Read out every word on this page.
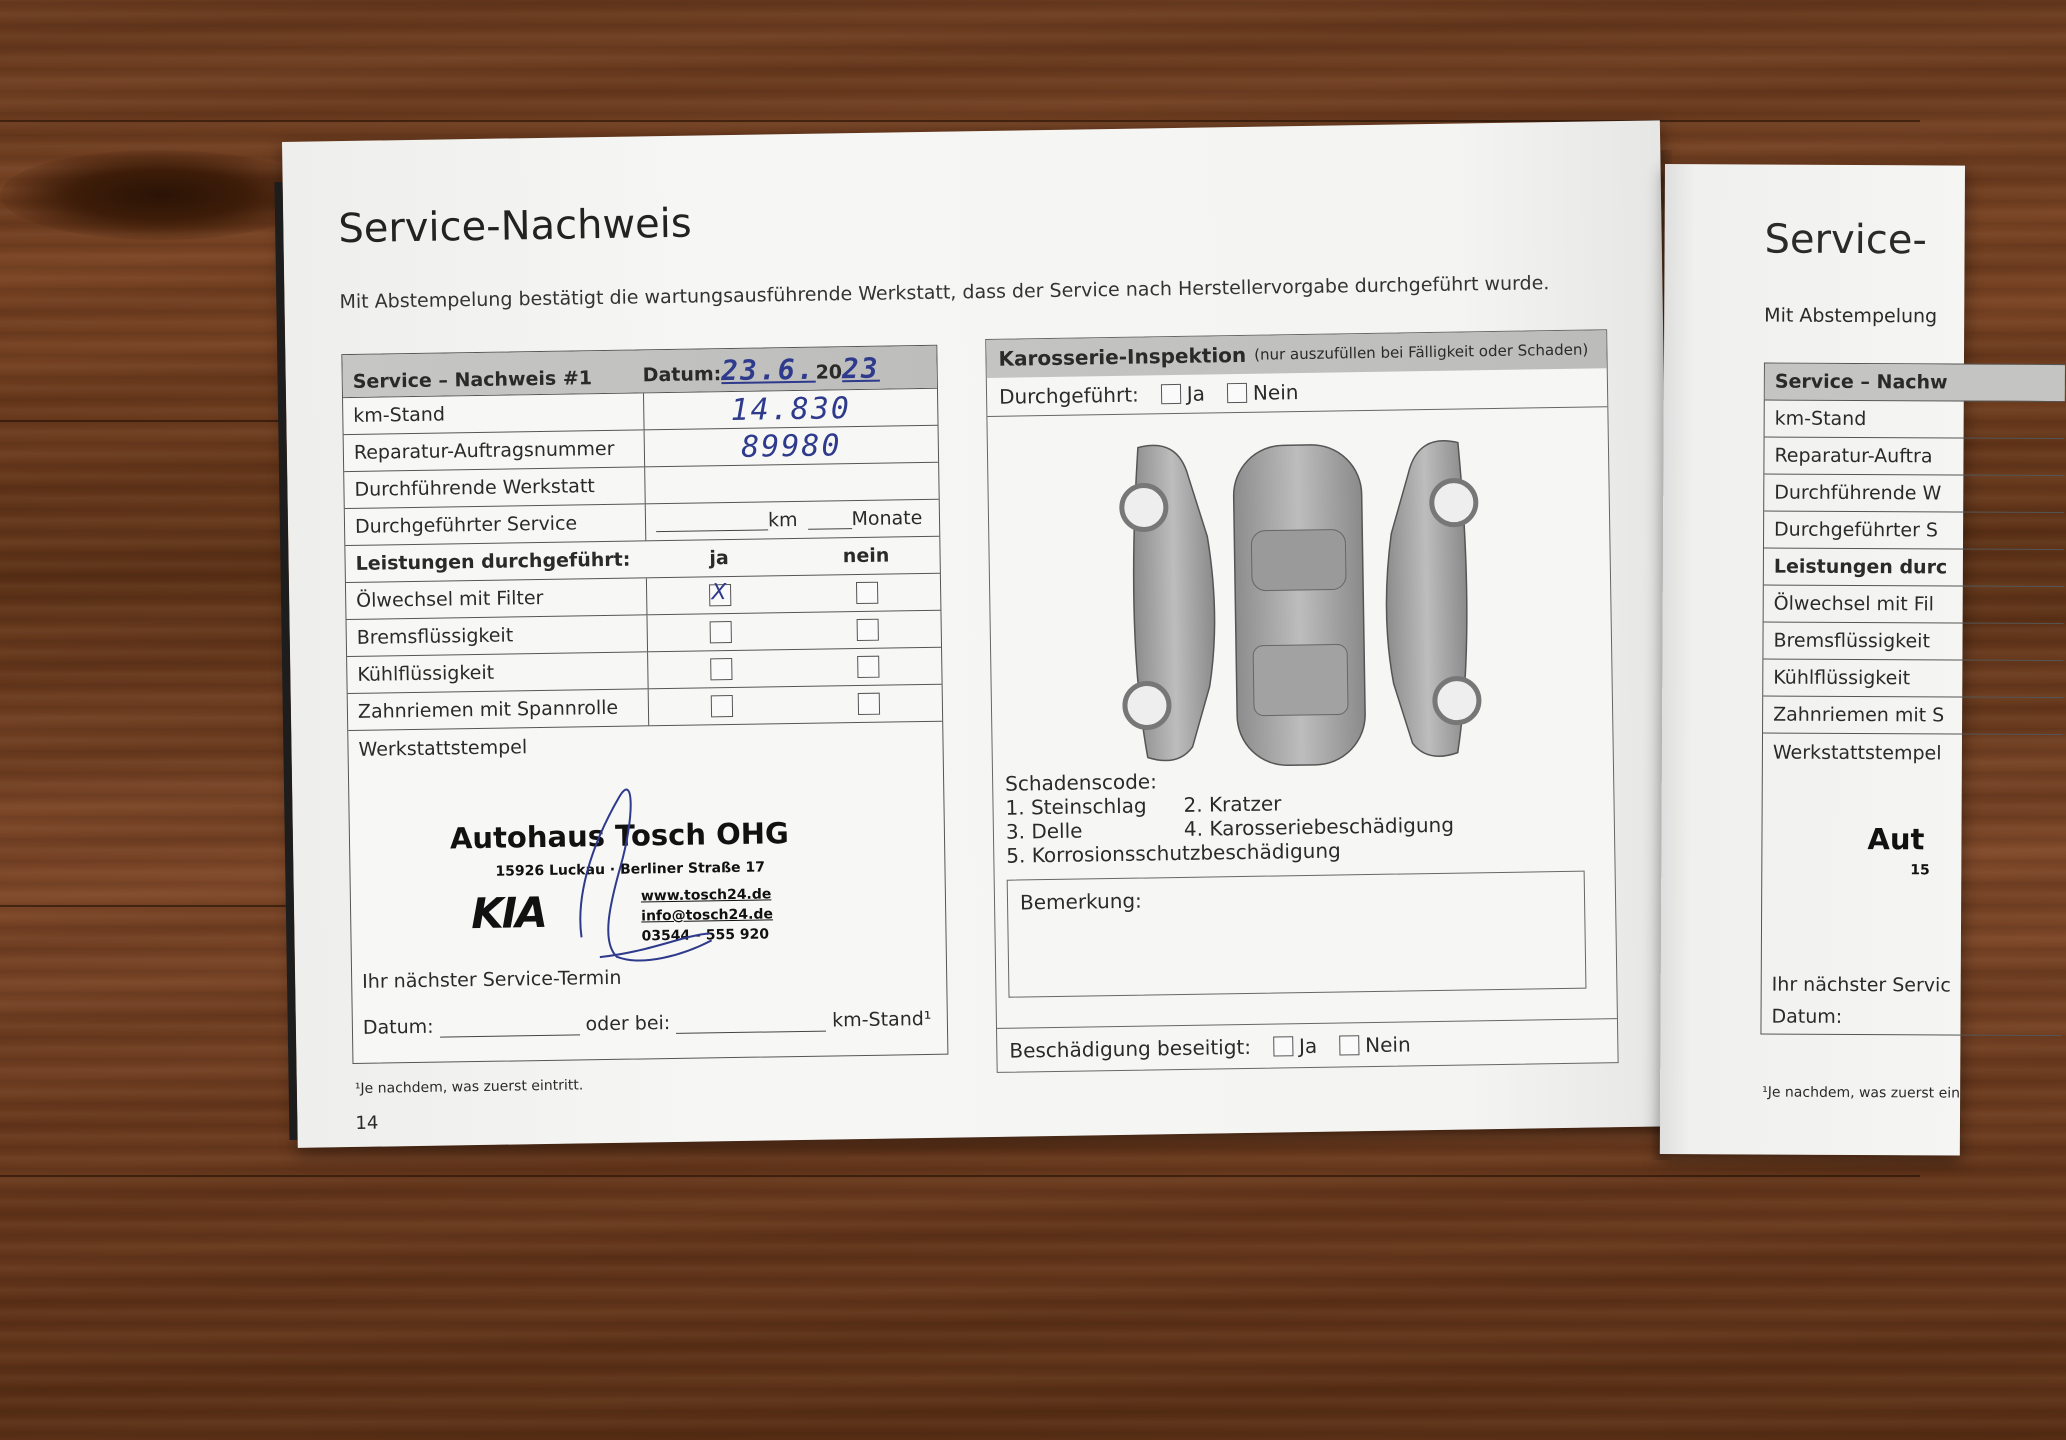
Service-Nachweis
Mit Abstempelung bestätigt die wartungsausführende Werkstatt, dass der Service nach Herstellervorgabe durchgeführt wurde.
Service – Nachweis #1	Datum:23.6.2023
km-Stand	14.830
Reparatur-Auftragsnummer	89980
Durchführende Werkstatt
Durchgeführter Service	km	Monate
Leistungen durchgeführt:	ja	nein
Ölwechsel mit Filter	X
Bremsflüssigkeit
Kühlflüssigkeit
Zahnriemen mit Spannrolle
Werkstattstempel
Autohaus Tosch OHG
15926 Luckau · Berliner Straße 17
KIA	www.tosch24.de
info@tosch24.de
03544 - 555 920
Ihr nächster Service-Termin
Datum:	oder bei:	km-Stand¹
Karosserie-Inspektion (nur auszufüllen bei Fälligkeit oder Schaden)
Durchgeführt: Ja Nein
Schadenscode:
1. Steinschlag	2. Kratzer
3. Delle	4. Karosseriebeschädigung
5. Korrosionsschutzbeschädigung
Bemerkung:
Beschädigung beseitigt: Ja Nein
¹Je nachdem, was zuerst eintritt.
14
Service-
Mit Abstempelung
Service – Nachw
km-Stand
Reparatur-Auftra
Durchführende W
Durchgeführter S
Leistungen durc
Ölwechsel mit Fil
Bremsflüssigkeit
Kühlflüssigkeit
Zahnriemen mit S
Werkstattstempel
Aut
15
Ihr nächster Servic
Datum:
¹Je nachdem, was zuerst ein
